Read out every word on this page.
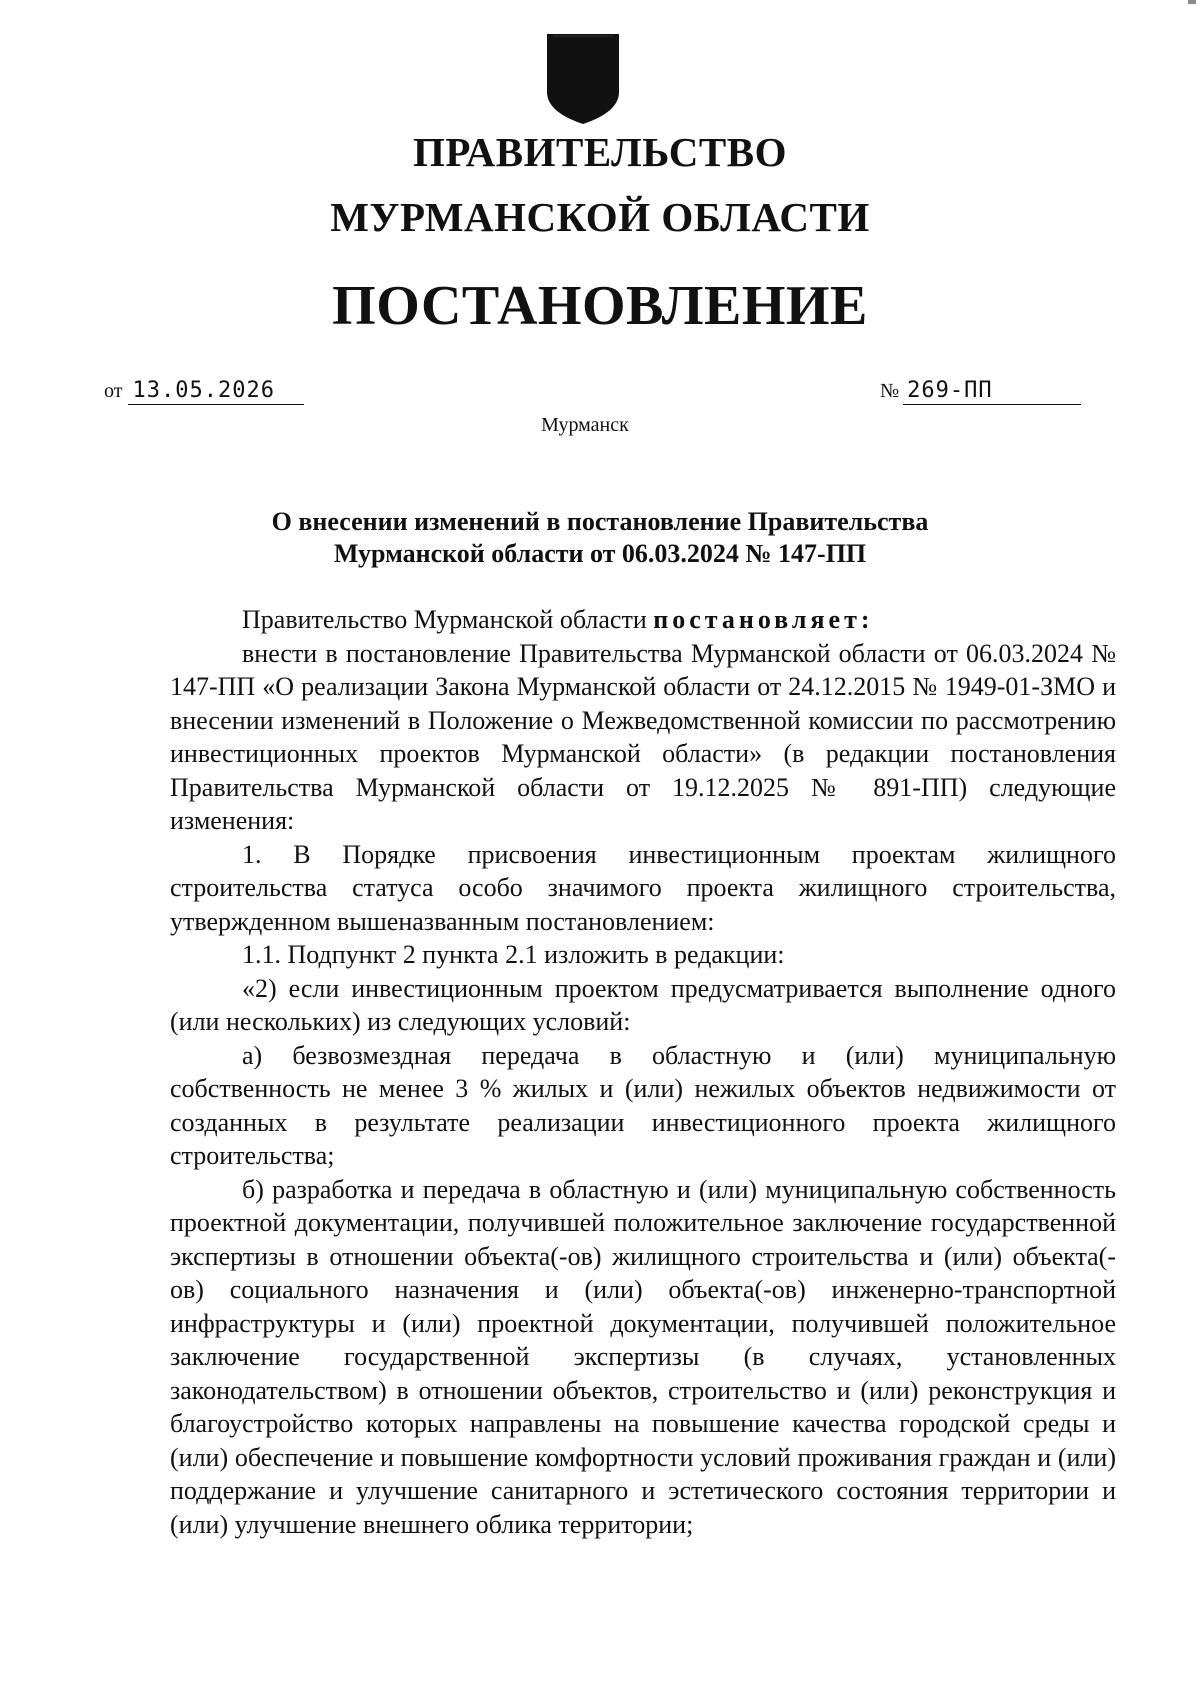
ПРАВИТЕЛЬСТВО
МУРМАНСКОЙ ОБЛАСТИ
ПОСТАНОВЛЕНИЕ
от 13.05.2026	№ 269-ПП
Мурманск
О внесении изменений в постановление Правительства
Мурманской области от 06.03.2024 № 147-ПП

Правительство Мурманской области постановляет:

внести в постановление Правительства Мурманской области от 06.03.2024 № 147-ПП «О реализации Закона Мурманской области от 24.12.2015 № 1949-01-ЗМО и внесении изменений в Положение о Межведомственной комиссии по рассмотрению инвестиционных проектов Мурманской области» (в редакции постановления Правительства Мурманской области от 19.12.2025 № 891-ПП) следующие изменения:

1. В Порядке присвоения инвестиционным проектам жилищного строительства статуса особо значимого проекта жилищного строительства, утвержденном вышеназванным постановлением:

1.1. Подпункт 2 пункта 2.1 изложить в редакции:

«2) если инвестиционным проектом предусматривается выполнение одного (или нескольких) из следующих условий:

а) безвозмездная передача в областную и (или) муниципальную собственность не менее 3 % жилых и (или) нежилых объектов недвижимости от созданных в результате реализации инвестиционного проекта жилищного строительства;

б) разработка и передача в областную и (или) муниципальную собственность проектной документации, получившей положительное заключение государственной экспертизы в отношении объекта(-ов) жилищного строительства и (или) объекта(-ов) социального назначения и (или) объекта(-ов) инженерно-транспортной инфраструктуры и (или) проектной документации, получившей положительное заключение государственной экспертизы (в случаях, установленных законодательством) в отношении объектов, строительство и (или) реконструкция и благоустройство которых направлены на повышение качества городской среды и (или) обеспечение и повышение комфортности условий проживания граждан и (или) поддержание и улучшение санитарного и эстетического состояния территории и (или) улучшение внешнего облика территории;
